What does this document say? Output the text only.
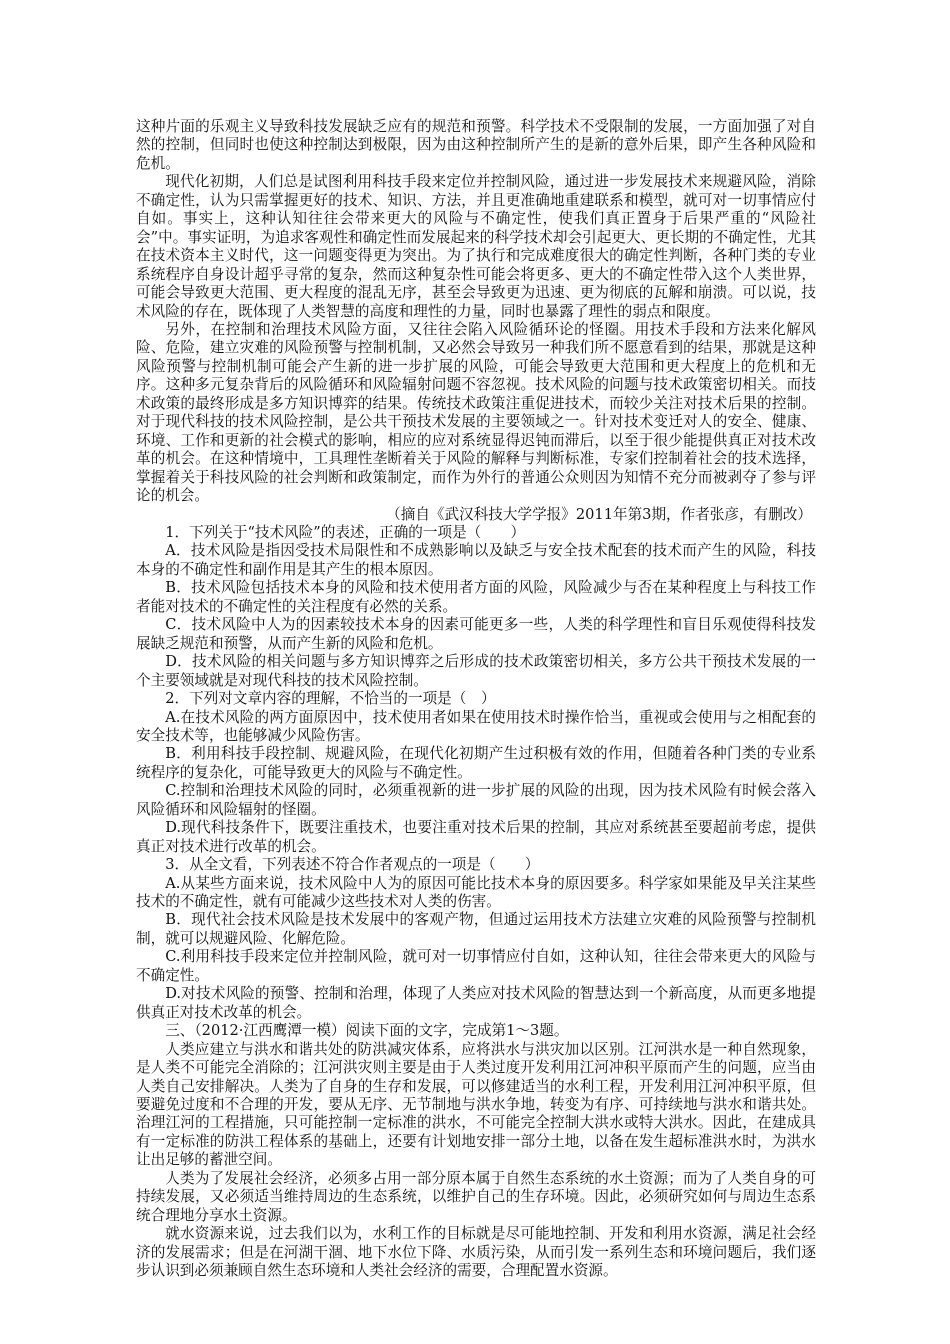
这种片面的乐观主义导致科技发展缺乏应有的规范和预警。科学技术不受限制的发展，一方面加强了对自然的控制，但同时也使这种控制达到极限，因为由这种控制所产生的是新的意外后果，即产生各种风险和危机。

现代化初期，人们总是试图利用科技手段来定位并控制风险，通过进一步发展技术来规避风险，消除不确定性，认为只需掌握更好的技术、知识、方法，并且更准确地重建联系和模型，就可对一切事情应付自如。事实上，这种认知往往会带来更大的风险与不确定性，使我们真正置身于后果严重的“风险社会”中。事实证明，为追求客观性和确定性而发展起来的科学技术却会引起更大、更长期的不确定性，尤其在技术资本主义时代，这一问题变得更为突出。为了执行和完成难度很大的确定性判断，各种门类的专业系统程序自身设计超乎寻常的复杂，然而这种复杂性可能会将更多、更大的不确定性带入这个人类世界，可能会导致更大范围、更大程度的混乱无序，甚至会导致更为迅速、更为彻底的瓦解和崩溃。可以说，技术风险的存在，既体现了人类智慧的高度和理性的力量，同时也暴露了理性的弱点和限度。

另外，在控制和治理技术风险方面，又往往会陷入风险循环论的怪圈。用技术手段和方法来化解风险、危险，建立灾难的风险预警与控制机制，又必然会导致另一种我们所不愿意看到的结果，那就是这种风险预警与控制机制可能会产生新的进一步扩展的风险，可能会导致更大范围和更大程度上的危机和无序。这种多元复杂背后的风险循环和风险辐射问题不容忽视。技术风险的问题与技术政策密切相关。而技术政策的最终形成是多方知识博弈的结果。传统技术政策注重促进技术，而较少关注对技术后果的控制。对于现代科技的技术风险控制，是公共干预技术发展的主要领域之一。针对技术变迁对人的安全、健康、环境、工作和更新的社会模式的影响，相应的应对系统显得迟钝而滞后，以至于很少能提供真正对技术改革的机会。在这种情境中，工具理性垄断着关于风险的解释与判断标准，专家们控制着社会的技术选择，掌握着关于科技风险的社会判断和政策制定，而作为外行的普通公众则因为知情不充分而被剥夺了参与评论的机会。

（摘自《武汉科技大学学报》2011年第3期，作者张彦，有删改）

1．下列关于“技术风险”的表述，正确的一项是（　　）

A．技术风险是指因受技术局限性和不成熟影响以及缺乏与安全技术配套的技术而产生的风险，科技本身的不确定性和副作用是其产生的根本原因。

B．技术风险包括技术本身的风险和技术使用者方面的风险，风险减少与否在某种程度上与科技工作者能对技术的不确定性的关注程度有必然的关系。

C．技术风险中人为的因素较技术本身的因素可能更多一些，人类的科学理性和盲目乐观使得科技发展缺乏规范和预警，从而产生新的风险和危机。

D．技术风险的相关问题与多方知识博弈之后形成的技术政策密切相关，多方公共干预技术发展的一个主要领域就是对现代科技的技术风险控制。

2．下列对文章内容的理解，不恰当的一项是（　）

A.在技术风险的两方面原因中，技术使用者如果在使用技术时操作恰当，重视或会使用与之相配套的安全技术等，也能够减少风险伤害。

B．利用科技手段控制、规避风险，在现代化初期产生过积极有效的作用，但随着各种门类的专业系统程序的复杂化，可能导致更大的风险与不确定性。

C.控制和治理技术风险的同时，必须重视新的进一步扩展的风险的出现，因为技术风险有时候会落入风险循环和风险辐射的怪圈。

D.现代科技条件下，既要注重技术，也要注重对技术后果的控制，其应对系统甚至要超前考虑，提供真正对技术进行改革的机会。

3．从全文看，下列表述不符合作者观点的一项是（　　）

A.从某些方面来说，技术风险中人为的原因可能比技术本身的原因要多。科学家如果能及早关注某些技术的不确定性，就有可能减少这些技术对人类的伤害。

B．现代社会技术风险是技术发展中的客观产物，但通过运用技术方法建立灾难的风险预警与控制机制，就可以规避风险、化解危险。

C.利用科技手段来定位并控制风险，就可对一切事情应付自如，这种认知，往往会带来更大的风险与不确定性。

D.对技术风险的预警、控制和治理，体现了人类应对技术风险的智慧达到一个新高度，从而更多地提供真正对技术改革的机会。

三、（2012·江西鹰潭一模）阅读下面的文字，完成第1～3题。

人类应建立与洪水和谐共处的防洪减灾体系，应将洪水与洪灾加以区别。江河洪水是一种自然现象，是人类不可能完全消除的；江河洪灾则主要是由于人类过度开发利用江河冲积平原而产生的问题，应当由人类自己安排解决。人类为了自身的生存和发展，可以修建适当的水利工程，开发利用江河冲积平原，但要避免过度和不合理的开发，要从无序、无节制地与洪水争地，转变为有序、可持续地与洪水和谐共处。治理江河的工程措施，只可能控制一定标准的洪水，不可能完全控制大洪水或特大洪水。因此，在建成具有一定标准的防洪工程体系的基础上，还要有计划地安排一部分土地，以备在发生超标准洪水时，为洪水让出足够的蓄泄空间。

人类为了发展社会经济，必须多占用一部分原本属于自然生态系统的水土资源；而为了人类自身的可持续发展，又必须适当维持周边的生态系统，以维护自己的生存环境。因此，必须研究如何与周边生态系统合理地分享水土资源。

就水资源来说，过去我们以为，水利工作的目标就是尽可能地控制、开发和利用水资源，满足社会经济的发展需求；但是在河湖干涸、地下水位下降、水质污染，从而引发一系列生态和环境问题后，我们逐步认识到必须兼顾自然生态环境和人类社会经济的需要，合理配置水资源。
